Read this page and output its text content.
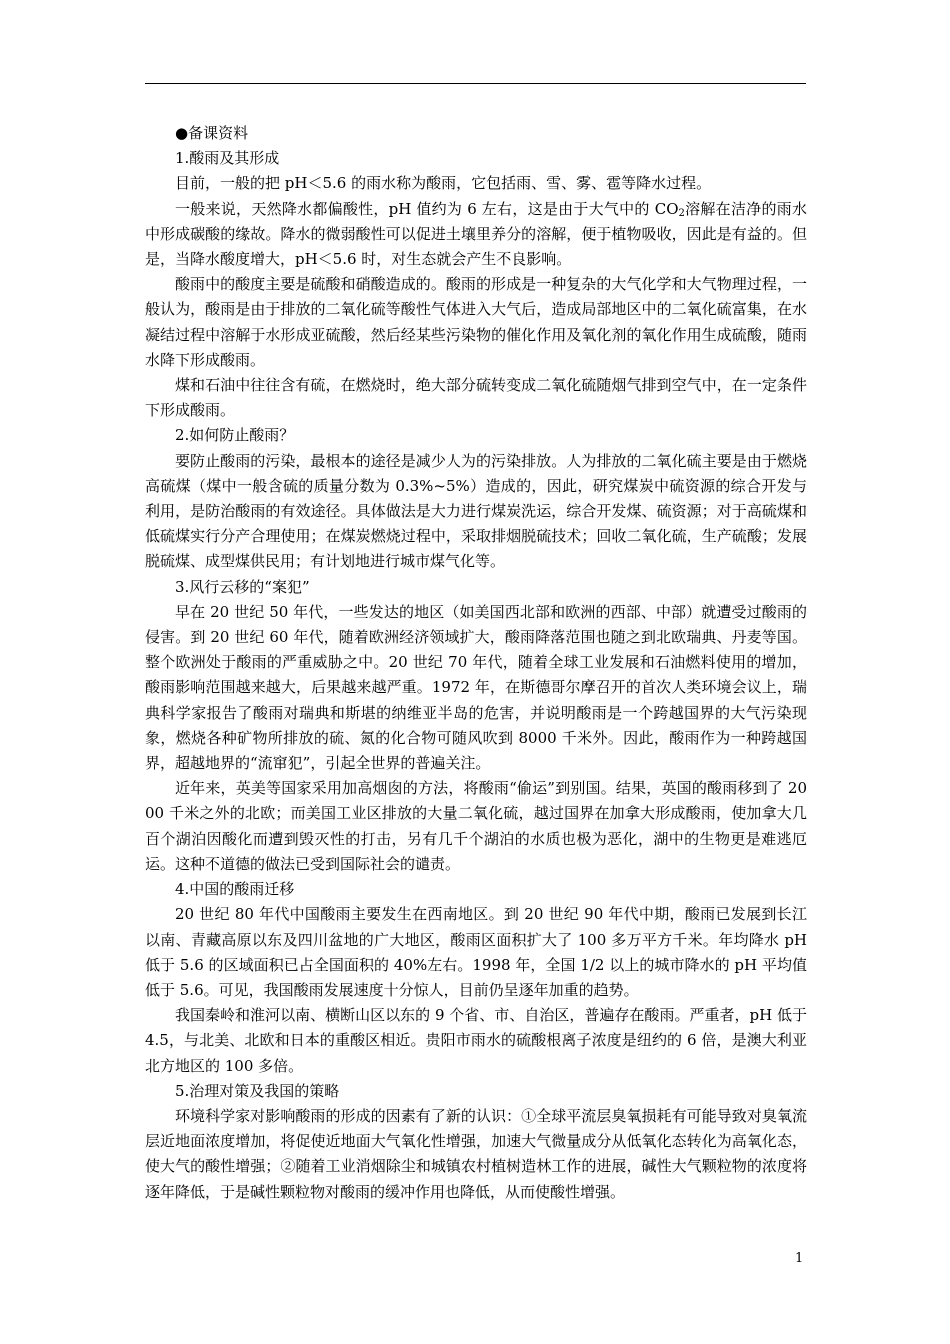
●备课资料

1.酸雨及其形成

目前，一般的把 pH＜5.6 的雨水称为酸雨，它包括雨、雪、雾、雹等降水过程。

一般来说，天然降水都偏酸性，pH 值约为 6 左右，这是由于大气中的 $CO_2$溶解在洁净的雨水中形成碳酸的缘故。降水的微弱酸性可以促进土壤里养分的溶解，便于植物吸收，因此是有益的。但是，当降水酸度增大，pH＜5.6 时，对生态就会产生不良影响。

酸雨中的酸度主要是硫酸和硝酸造成的。酸雨的形成是一种复杂的大气化学和大气物理过程，一般认为，酸雨是由于排放的二氧化硫等酸性气体进入大气后，造成局部地区中的二氧化硫富集，在水凝结过程中溶解于水形成亚硫酸，然后经某些污染物的催化作用及氧化剂的氧化作用生成硫酸，随雨水降下形成酸雨。

煤和石油中往往含有硫，在燃烧时，绝大部分硫转变成二氧化硫随烟气排到空气中，在一定条件下形成酸雨。

2.如何防止酸雨？

要防止酸雨的污染，最根本的途径是减少人为的污染排放。人为排放的二氧化硫主要是由于燃烧高硫煤（煤中一般含硫的质量分数为 0.3%~5%）造成的，因此，研究煤炭中硫资源的综合开发与利用，是防治酸雨的有效途径。具体做法是大力进行煤炭洗运，综合开发煤、硫资源；对于高硫煤和低硫煤实行分产合理使用；在煤炭燃烧过程中，采取排烟脱硫技术；回收二氧化硫，生产硫酸；发展脱硫煤、成型煤供民用；有计划地进行城市煤气化等。

3.风行云移的“案犯”

早在 20 世纪 50 年代，一些发达的地区（如美国西北部和欧洲的西部、中部）就遭受过酸雨的侵害。到 20 世纪 60 年代，随着欧洲经济领域扩大，酸雨降落范围也随之到北欧瑞典、丹麦等国。整个欧洲处于酸雨的严重威胁之中。20 世纪 70 年代，随着全球工业发展和石油燃料使用的增加，酸雨影响范围越来越大，后果越来越严重。1972 年，在斯德哥尔摩召开的首次人类环境会议上，瑞典科学家报告了酸雨对瑞典和斯堪的纳维亚半岛的危害，并说明酸雨是一个跨越国界的大气污染现象，燃烧各种矿物所排放的硫、氮的化合物可随风吹到 8000 千米外。因此，酸雨作为一种跨越国界，超越地界的“流窜犯”，引起全世界的普遍关注。

近年来，英美等国家采用加高烟囱的方法，将酸雨“偷运”到别国。结果，英国的酸雨移到了 2000 千米之外的北欧；而美国工业区排放的大量二氧化硫，越过国界在加拿大形成酸雨，使加拿大几百个湖泊因酸化而遭到毁灭性的打击，另有几千个湖泊的水质也极为恶化，湖中的生物更是难逃厄运。这种不道德的做法已受到国际社会的谴责。

4.中国的酸雨迁移

20 世纪 80 年代中国酸雨主要发生在西南地区。到 20 世纪 90 年代中期，酸雨已发展到长江以南、青藏高原以东及四川盆地的广大地区，酸雨区面积扩大了 100 多万平方千米。年均降水 pH 低于 5.6 的区域面积已占全国面积的 40%左右。1998 年，全国 1/2 以上的城市降水的 pH 平均值低于 5.6。可见，我国酸雨发展速度十分惊人，目前仍呈逐年加重的趋势。

我国秦岭和淮河以南、横断山区以东的 9 个省、市、自治区，普遍存在酸雨。严重者，pH 低于 4.5，与北美、北欧和日本的重酸区相近。贵阳市雨水的硫酸根离子浓度是纽约的 6 倍，是澳大利亚北方地区的 100 多倍。

5.治理对策及我国的策略

环境科学家对影响酸雨的形成的因素有了新的认识：①全球平流层臭氧损耗有可能导致对臭氧流层近地面浓度增加，将促使近地面大气氧化性增强，加速大气微量成分从低氧化态转化为高氧化态，使大气的酸性增强；②随着工业消烟除尘和城镇农村植树造林工作的进展，碱性大气颗粒物的浓度将逐年降低，于是碱性颗粒物对酸雨的缓冲作用也降低，从而使酸性增强。

1
